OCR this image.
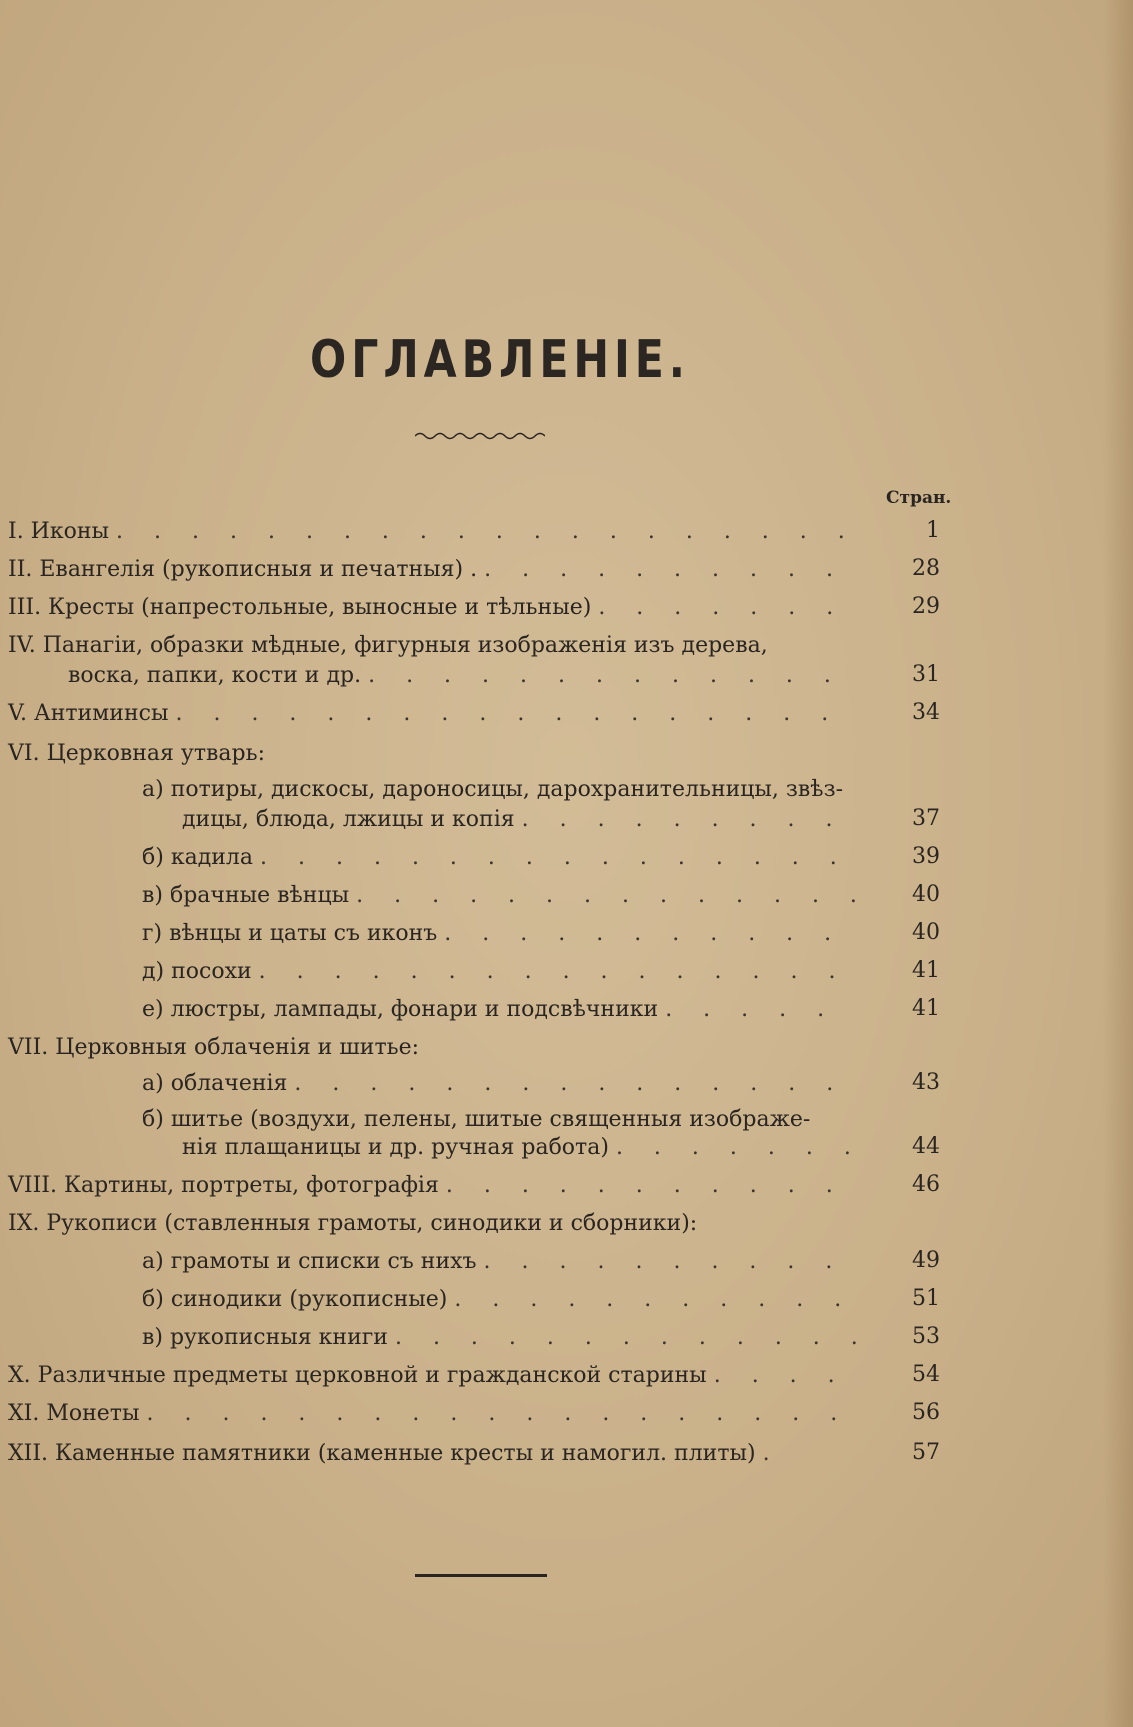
ОГЛАВЛЕНІЕ.
Стран.
I. Иконы . . . . . . . . . . . . . . . . . . . .	1
II. Евангелія (рукописныя и печатныя) . . . . . . . . . . .	28
III. Кресты (напрестольные, выносные и тѣльные) . . . . . . .	29
IV. Панагіи, образки мѣдные, фигурныя изображенія изъ дерева,
воска, папки, кости и др. . . . . . . . . . . . . .	31
V. Антиминсы . . . . . . . . . . . . . . . . . .	34
VI. Церковная утварь:
а) потиры, дискосы, дароносицы, дарохранительницы, звѣз-
дицы, блюда, лжицы и копія . . . . . . . . .	37
б) кадила . . . . . . . . . . . . . . . .	39
в) брачные вѣнцы . . . . . . . . . . . . . .	40
г) вѣнцы и цаты съ иконъ . . . . . . . . . . .	40
д) посохи . . . . . . . . . . . . . . . .	41
е) люстры, лампады, фонари и подсвѣчники . . . . .	41
VII. Церковныя облаченія и шитье:
а) облаченія . . . . . . . . . . . . . . .	43
б) шитье (воздухи, пелены, шитые священныя изображе-
нія плащаницы и др. ручная работа) . . . . . . .	44
VIII. Картины, портреты, фотографія . . . . . . . . . . .	46
IX. Рукописи (ставленныя грамоты, синодики и сборники):
а) грамоты и списки съ нихъ . . . . . . . . . .	49
б) синодики (рукописные) . . . . . . . . . . .	51
в) рукописныя книги . . . . . . . . . . . . .	53
X. Различные предметы церковной и гражданской старины . . . .	54
XI. Монеты . . . . . . . . . . . . . . . . . . .	56
XII. Каменные памятники (каменные кресты и намогил. плиты) .	57
